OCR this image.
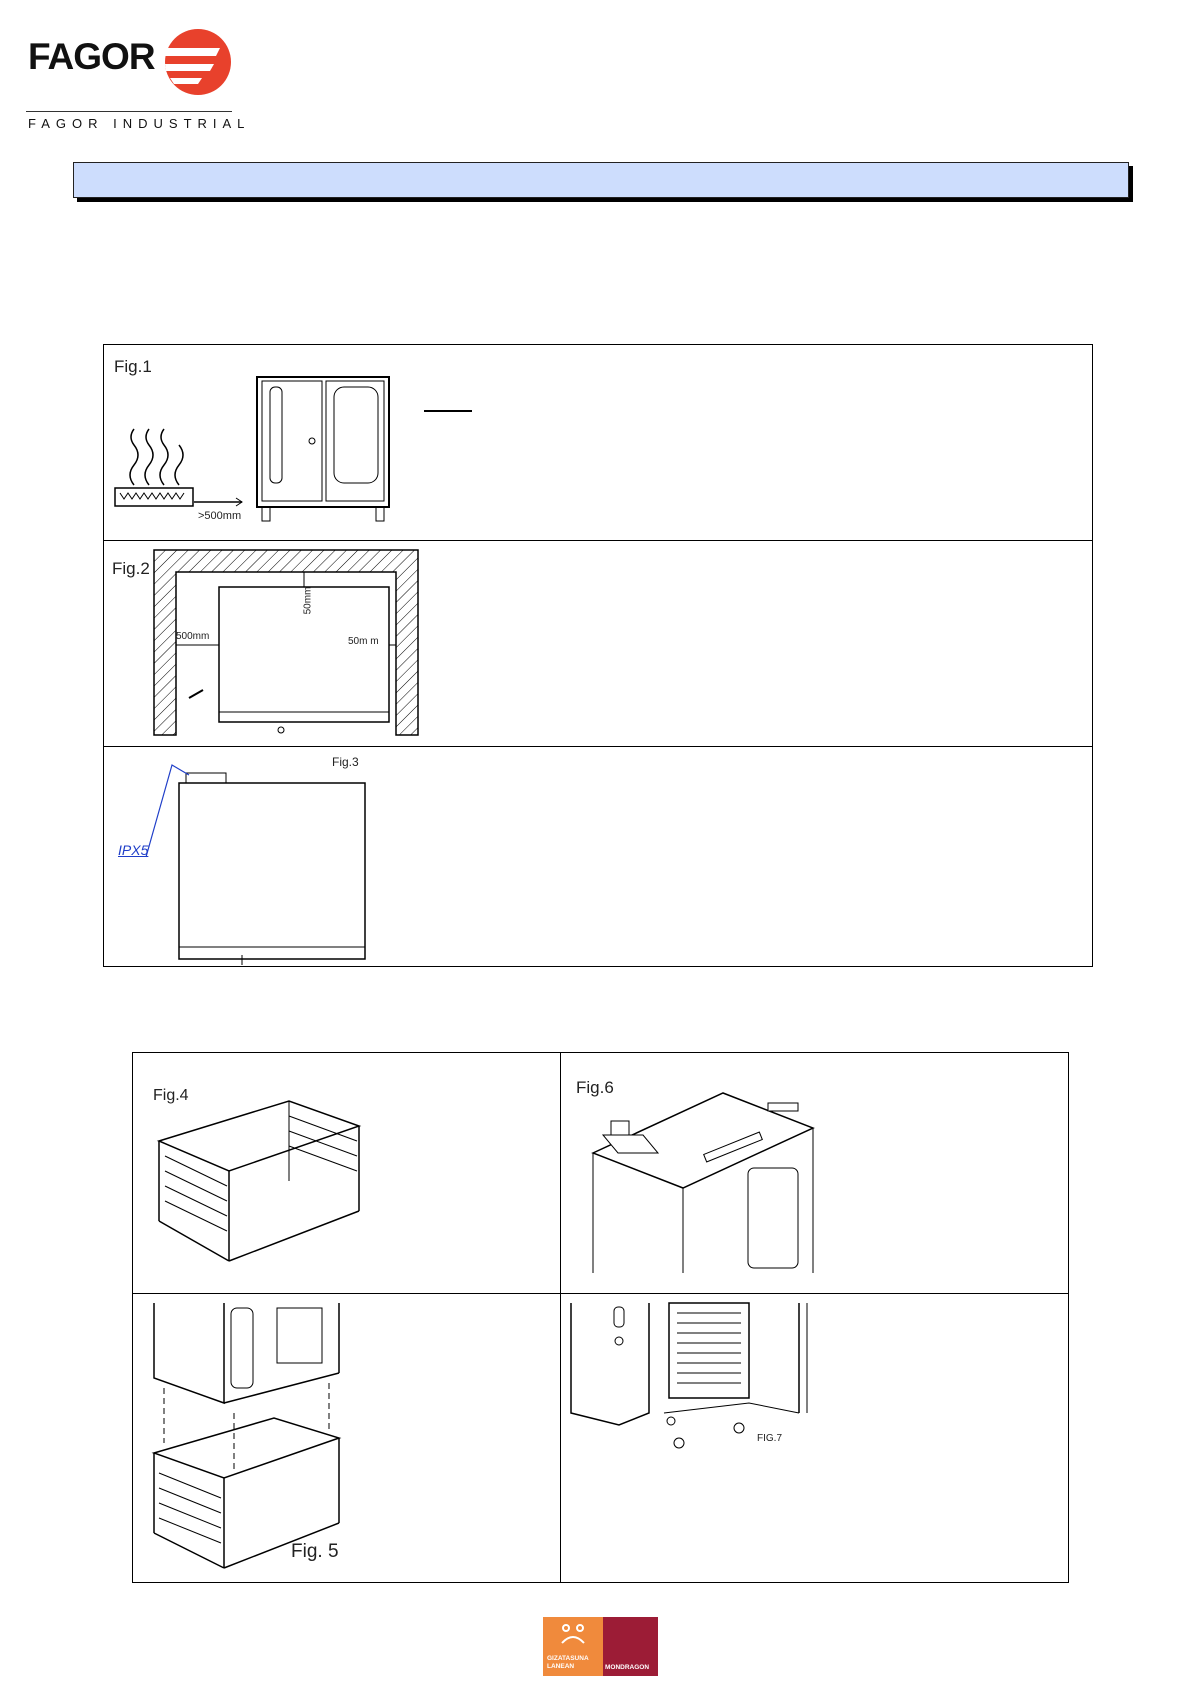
FAGOR
FAGOR INDUSTRIAL
Fig.1
>500mm
Fig.2
50mm
500mm	50m m
Fig.3
IPX5
Fig.4	Fig.6
Fig. 5
FIG.7
GIZATASUNA
LANEAN	MONDRAGON
